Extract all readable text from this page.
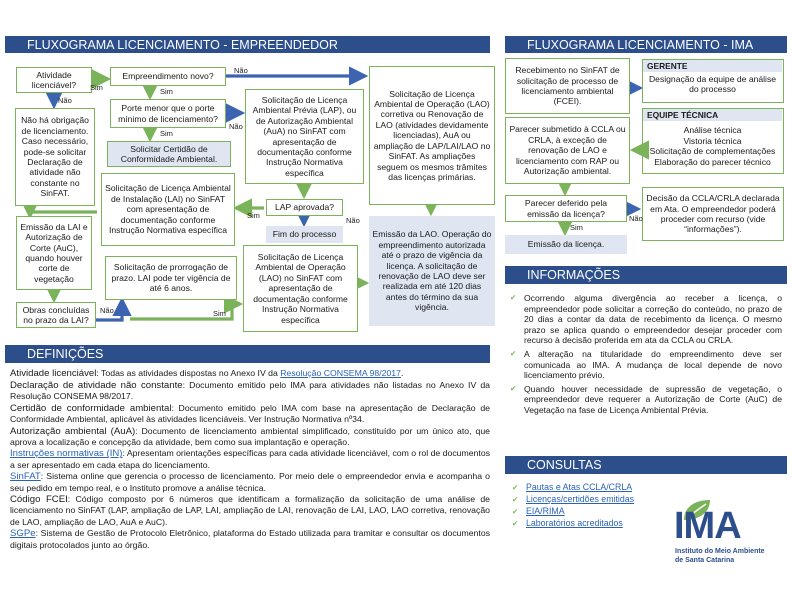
FLUXOGRAMA LICENCIAMENTO - EMPREENDEDOR	FLUXOGRAMA LICENCIAMENTO - IMA
DEFINIÇÕES
INFORMAÇÕES
CONSULTAS
Atividade licenciável?
Não há obrigação de licenciamento. Caso necessário, pode-se solicitar Declaração de atividade não constante no SinFAT.
Empreendimento novo?
Porte menor que o porte mínimo de licenciamento?
Solicitar Certidão de Conformidade Ambiental.
Solicitação de Licença Ambiental Prévia (LAP), ou de Autorização Ambiental (AuA) no SinFAT com apresentação de documentação conforme Instrução Normativa específica
Solicitação de Licença Ambiental de Operação (LAO) corretiva ou Renovação de LAO (atividades devidamente licenciadas), AuA ou ampliação de LAP/LAI/LAO no SinFAT. As ampliações seguem os mesmos trâmites das licenças primárias.
Solicitação de Licença Ambiental de Instalação (LAI) no SinFAT com apresentação de documentação conforme Instrução Normativa específica
LAP aprovada?
Fim do processo	Emissão da LAO. Operação do empreendimento autorizada até o prazo de vigência da licença. A solicitação de renovação de LAO deve ser realizada em até 120 dias antes do término da sua vigência.
Emissão da LAI e Autorização de Corte (AuC), quando houver corte de vegetação
Solicitação de prorrogação de prazo. LAI pode ter vigência de até 6 anos.
Solicitação de Licença Ambiental de Operação (LAO) no SinFAT com apresentação de documentação conforme Instrução Normativa específica
Obras concluídas no prazo da LAI?
Sim
Não
Não
Sim
Sim
Não
Sim
Não
Não	Sim
Recebimento no SinFAT de solicitação de processo de licenciamento ambiental (FCEI).
GERENTE
Designação da equipe de análise do processo
EQUIPE TÉCNICA
Análise técnica
Vistoria técnica
Solicitação de complementações
Elaboração do parecer técnico
Parecer submetido à CCLA ou CRLA, à exceção de renovação de LAO e licenciamento com RAP ou Autorização ambiental.
Parecer deferido pela emissão da licença?
Decisão da CCLA/CRLA declarada em Ata. O empreendedor poderá proceder com recurso (vide “informações”).
Emissão da licença.
Não
Sim

Atividade licenciável: Todas as atividades dispostas no Anexo IV da Resolução CONSEMA 98/2017.

Declaração de atividade não constante: Documento emitido pelo IMA para atividades não listadas no Anexo IV da Resolução CONSEMA 98/2017.

Certidão de conformidade ambiental: Documento emitido pelo IMA com base na apresentação de Declaração de Conformidade Ambiental, aplicável às atividades licenciáveis. Ver Instrução Normativa nº34.

Autorização ambiental (AuA): Documento de licenciamento ambiental simplificado, constituído por um único ato, que aprova a localização e concepção da atividade, bem como sua implantação e operação.

Instruções normativas (IN): Apresentam orientações específicas para cada atividade licenciável, com o rol de documentos a ser apresentado em cada etapa do licenciamento.

SinFAT: Sistema online que gerencia o processo de licenciamento. Por meio dele o empreendedor envia e acompanha o seu pedido em tempo real, e o Instituto promove a análise técnica.

Código FCEI: Código composto por 6 números que identificam a formalização da solicitação de uma análise de licenciamento no SinFAT (LAP, ampliação de LAP, LAI, ampliação de LAI, renovação de LAI, LAO, LAO corretiva, renovação de LAO, ampliação de LAO, AuA e AuC).

SGPe: Sistema de Gestão de Protocolo Eletrônico, plataforma do Estado utilizada para tramitar e consultar os documentos digitais protocolados junto ao órgão.

✔ Ocorrendo alguma divergência ao receber a licença, o empreendedor pode solicitar a correção do conteúdo, no prazo de 20 dias a contar da data de recebimento da licença. O mesmo prazo se aplica quando o empreendedor desejar proceder com recurso à decisão proferida em ata da CCLA ou CRLA.
✔ A alteração na titularidade do empreendimento deve ser comunicada ao IMA. A mudança de local depende de novo licenciamento prévio.
✔ Quando houver necessidade de supressão de vegetação, o empreendedor deve requerer a Autorização de Corte (AuC) de Vegetação na fase de Licença Ambiental Prévia.
✔ Pautas e Atas CCLA/CRLA
✔ Licenças/certidões emitidas
✔ EIA/RIMA
✔ Laboratórios acreditados	IMA
Instituto do Meio Ambiente
de Santa Catarina
